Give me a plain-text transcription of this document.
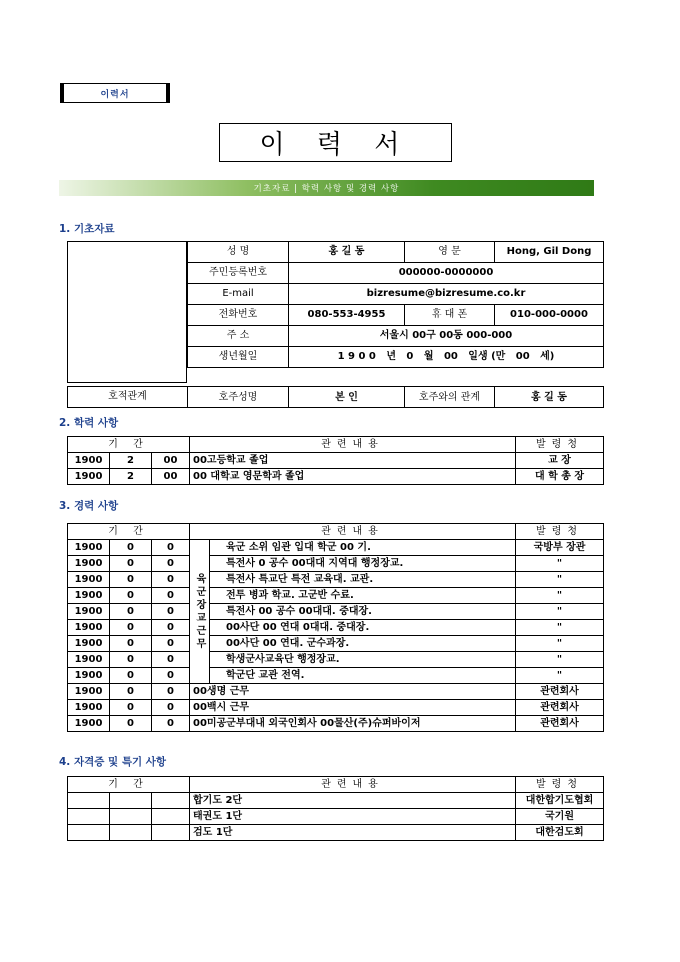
이력서
이 력 서
기초자료 | 학력 사항 및 경력 사항
1. 기초자료
성 명	홍 길 동	영 문	Hong, Gil Dong
주민등록번호	000000-0000000		
E-mail	bizresume@bizresume.co.kr		
전화번호	080-553-4955	휴 대 폰	010-000-0000
주 소	서울시 00구 00동 000-000		
생년월일	1 9 0 0   년   0   월   00   일생 (만   00   세)		
호적관계	호주성명	본 인	호주와의 관계	홍 길 동
2. 학력 사항
기 간			관련내용	발령청
1900	2	00	00고등학교 졸업	교 장
1900	2	00	00 대학교 영문학과 졸업	대 학 총 장
3. 경력 사항
기 간			관련내용		발령청
1900	0	0	육군장교근무	육군 소위 임관 입대 학군 00 기.	국방부 장관
1900	0	0		특전사 0 공수 00대대 지역대 행정장교.	"
1900	0	0		특전사 특교단 특전 교육대. 교관.	"
1900	0	0		전투 병과 학교. 고군반 수료.	"
1900	0	0		특전사 00 공수 00대대. 중대장.	"
1900	0	0		00사단 00 연대 0대대. 중대장.	"
1900	0	0		00사단 00 연대. 군수과장.	"
1900	0	0		학생군사교육단 행정장교.	"
1900	0	0		학군단 교관 전역.	"
1900	0	0	00생명 근무		관련회사
1900	0	0	00백시 근무		관련회사
1900	0	0	00미공군부대내 외국인회사 00물산(주)슈퍼바이저		관련회사
4. 자격증 및 특기 사항
기 간			관련내용	발령청
			합기도 2단	대한합기도협회
			태권도 1단	국기원
			검도 1단	대한검도회
